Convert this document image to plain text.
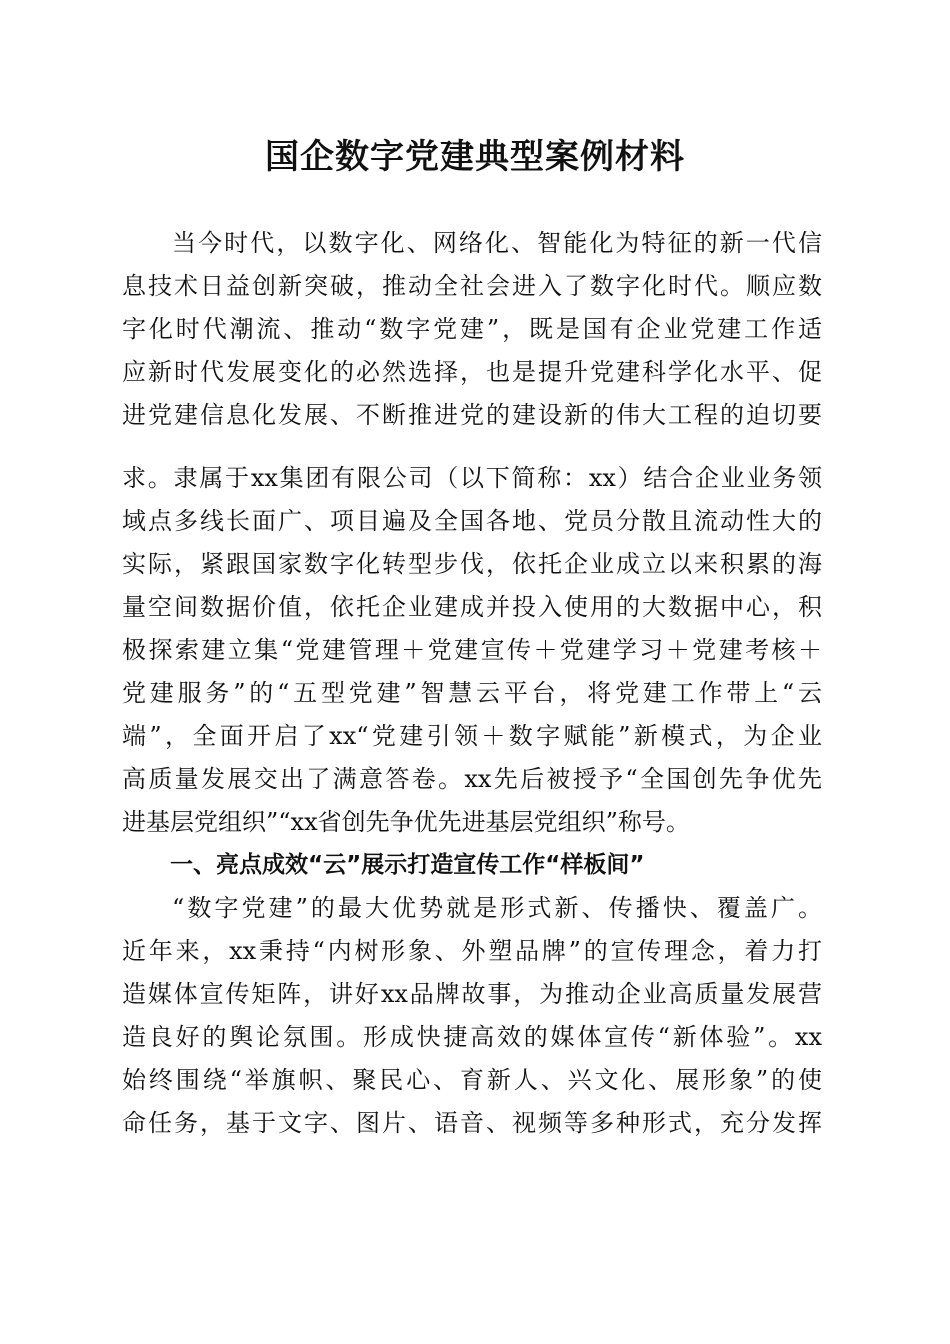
国企数字党建典型案例材料
当今时代，以数字化、网络化、智能化为特征的新一代信
息技术日益创新突破，推动全社会进入了数字化时代。顺应数
字化时代潮流、推动“数字党建”，既是国有企业党建工作适
应新时代发展变化的必然选择，也是提升党建科学化水平、促
进党建信息化发展、不断推进党的建设新的伟大工程的迫切要
求。隶属于xx集团有限公司（以下简称：xx）结合企业业务领
域点多线长面广、项目遍及全国各地、党员分散且流动性大的
实际，紧跟国家数字化转型步伐，依托企业成立以来积累的海
量空间数据价值，依托企业建成并投入使用的大数据中心，积
极探索建立集“党建管理＋党建宣传＋党建学习＋党建考核＋
党建服务”的“五型党建”智慧云平台，将党建工作带上“云
端”，全面开启了xx“党建引领＋数字赋能”新模式，为企业
高质量发展交出了满意答卷。xx先后被授予“全国创先争优先
进基层党组织”“xx省创先争优先进基层党组织”称号。
一、亮点成效“云”展示打造宣传工作“样板间”
“数字党建”的最大优势就是形式新、传播快、覆盖广。
近年来，xx秉持“内树形象、外塑品牌”的宣传理念，着力打
造媒体宣传矩阵，讲好xx品牌故事，为推动企业高质量发展营
造良好的舆论氛围。形成快捷高效的媒体宣传“新体验”。xx
始终围绕“举旗帜、聚民心、育新人、兴文化、展形象”的使
命任务，基于文字、图片、语音、视频等多种形式，充分发挥
